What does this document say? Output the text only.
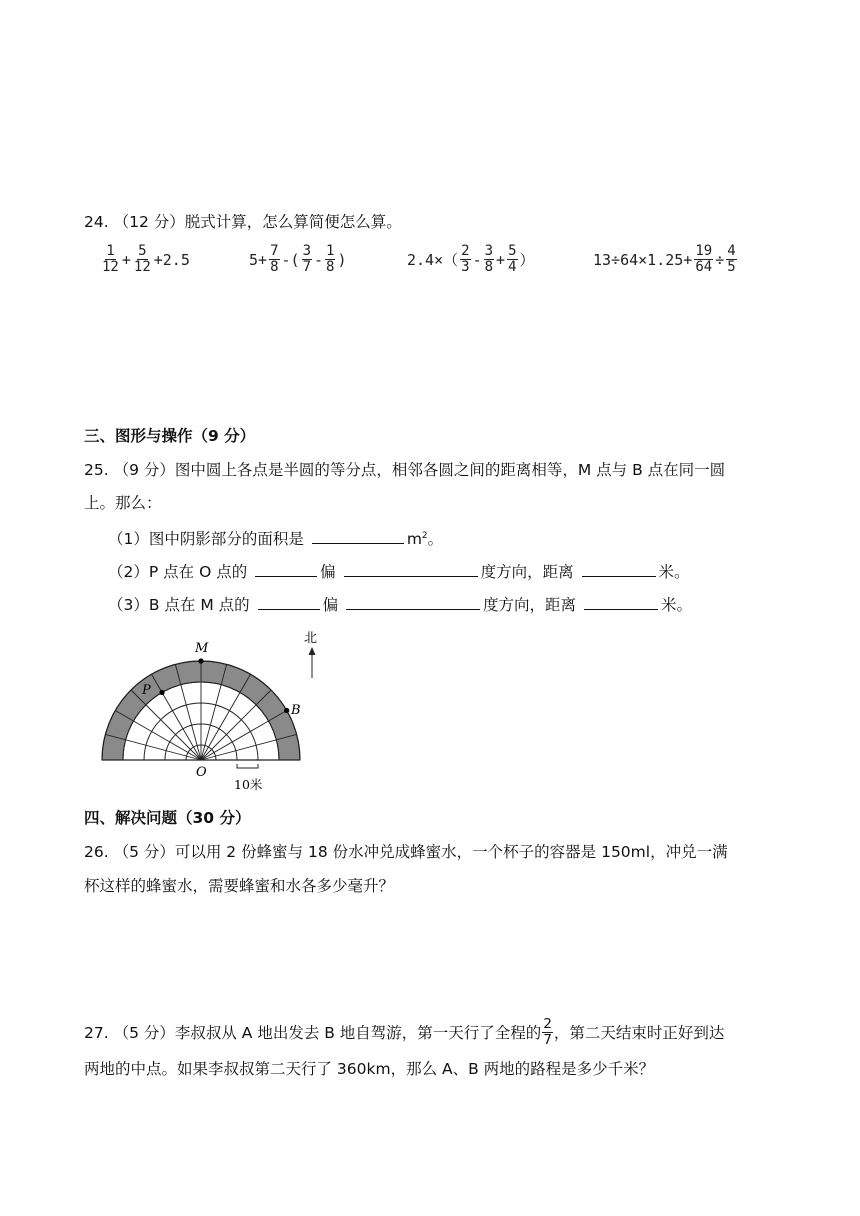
24. （12 分）脱式计算，怎么算简便怎么算。
$\frac{1}{12} + \frac{5}{12} +2.5$	$5+ \frac{7}{8}$ -( $\frac{3}{7} - \frac{1}{8}$ )	$2.4\times( \frac{2}{3} - \frac{3}{8} + \frac{5}{4}$ ）	$13\div 64\times 1.25+ \frac{19}{64} \div \frac{4}{5}$
三、图形与操作（9 分）
25. （9 分）图中圆上各点是半圆的等分点，相邻各圆之间的距离相等，M 点与 B 点在同一圆
上。那么：
（1）图中阴影部分的面积是	$m^2$。
（2）P 点在 O 点的	偏	度方向，距离	米。
（3）B 点在 M 点的	偏	度方向，距离	米。
M
P
B
O
北
10米
四、解决问题（30 分）
26. （5 分）可以用 2 份蜂蜜与 18 份水冲兑成蜂蜜水，一个杯子的容器是 150ml，冲兑一满
杯这样的蜂蜜水，需要蜂蜜和水各多少毫升？
27. （5 分）李叔叔从 A 地出发去 B 地自驾游，第一天行了全程的 $\frac{2}{7}$ ，第二天结束时正好到达
两地的中点。如果李叔叔第二天行了 360km，那么 A、B 两地的路程是多少千米？
